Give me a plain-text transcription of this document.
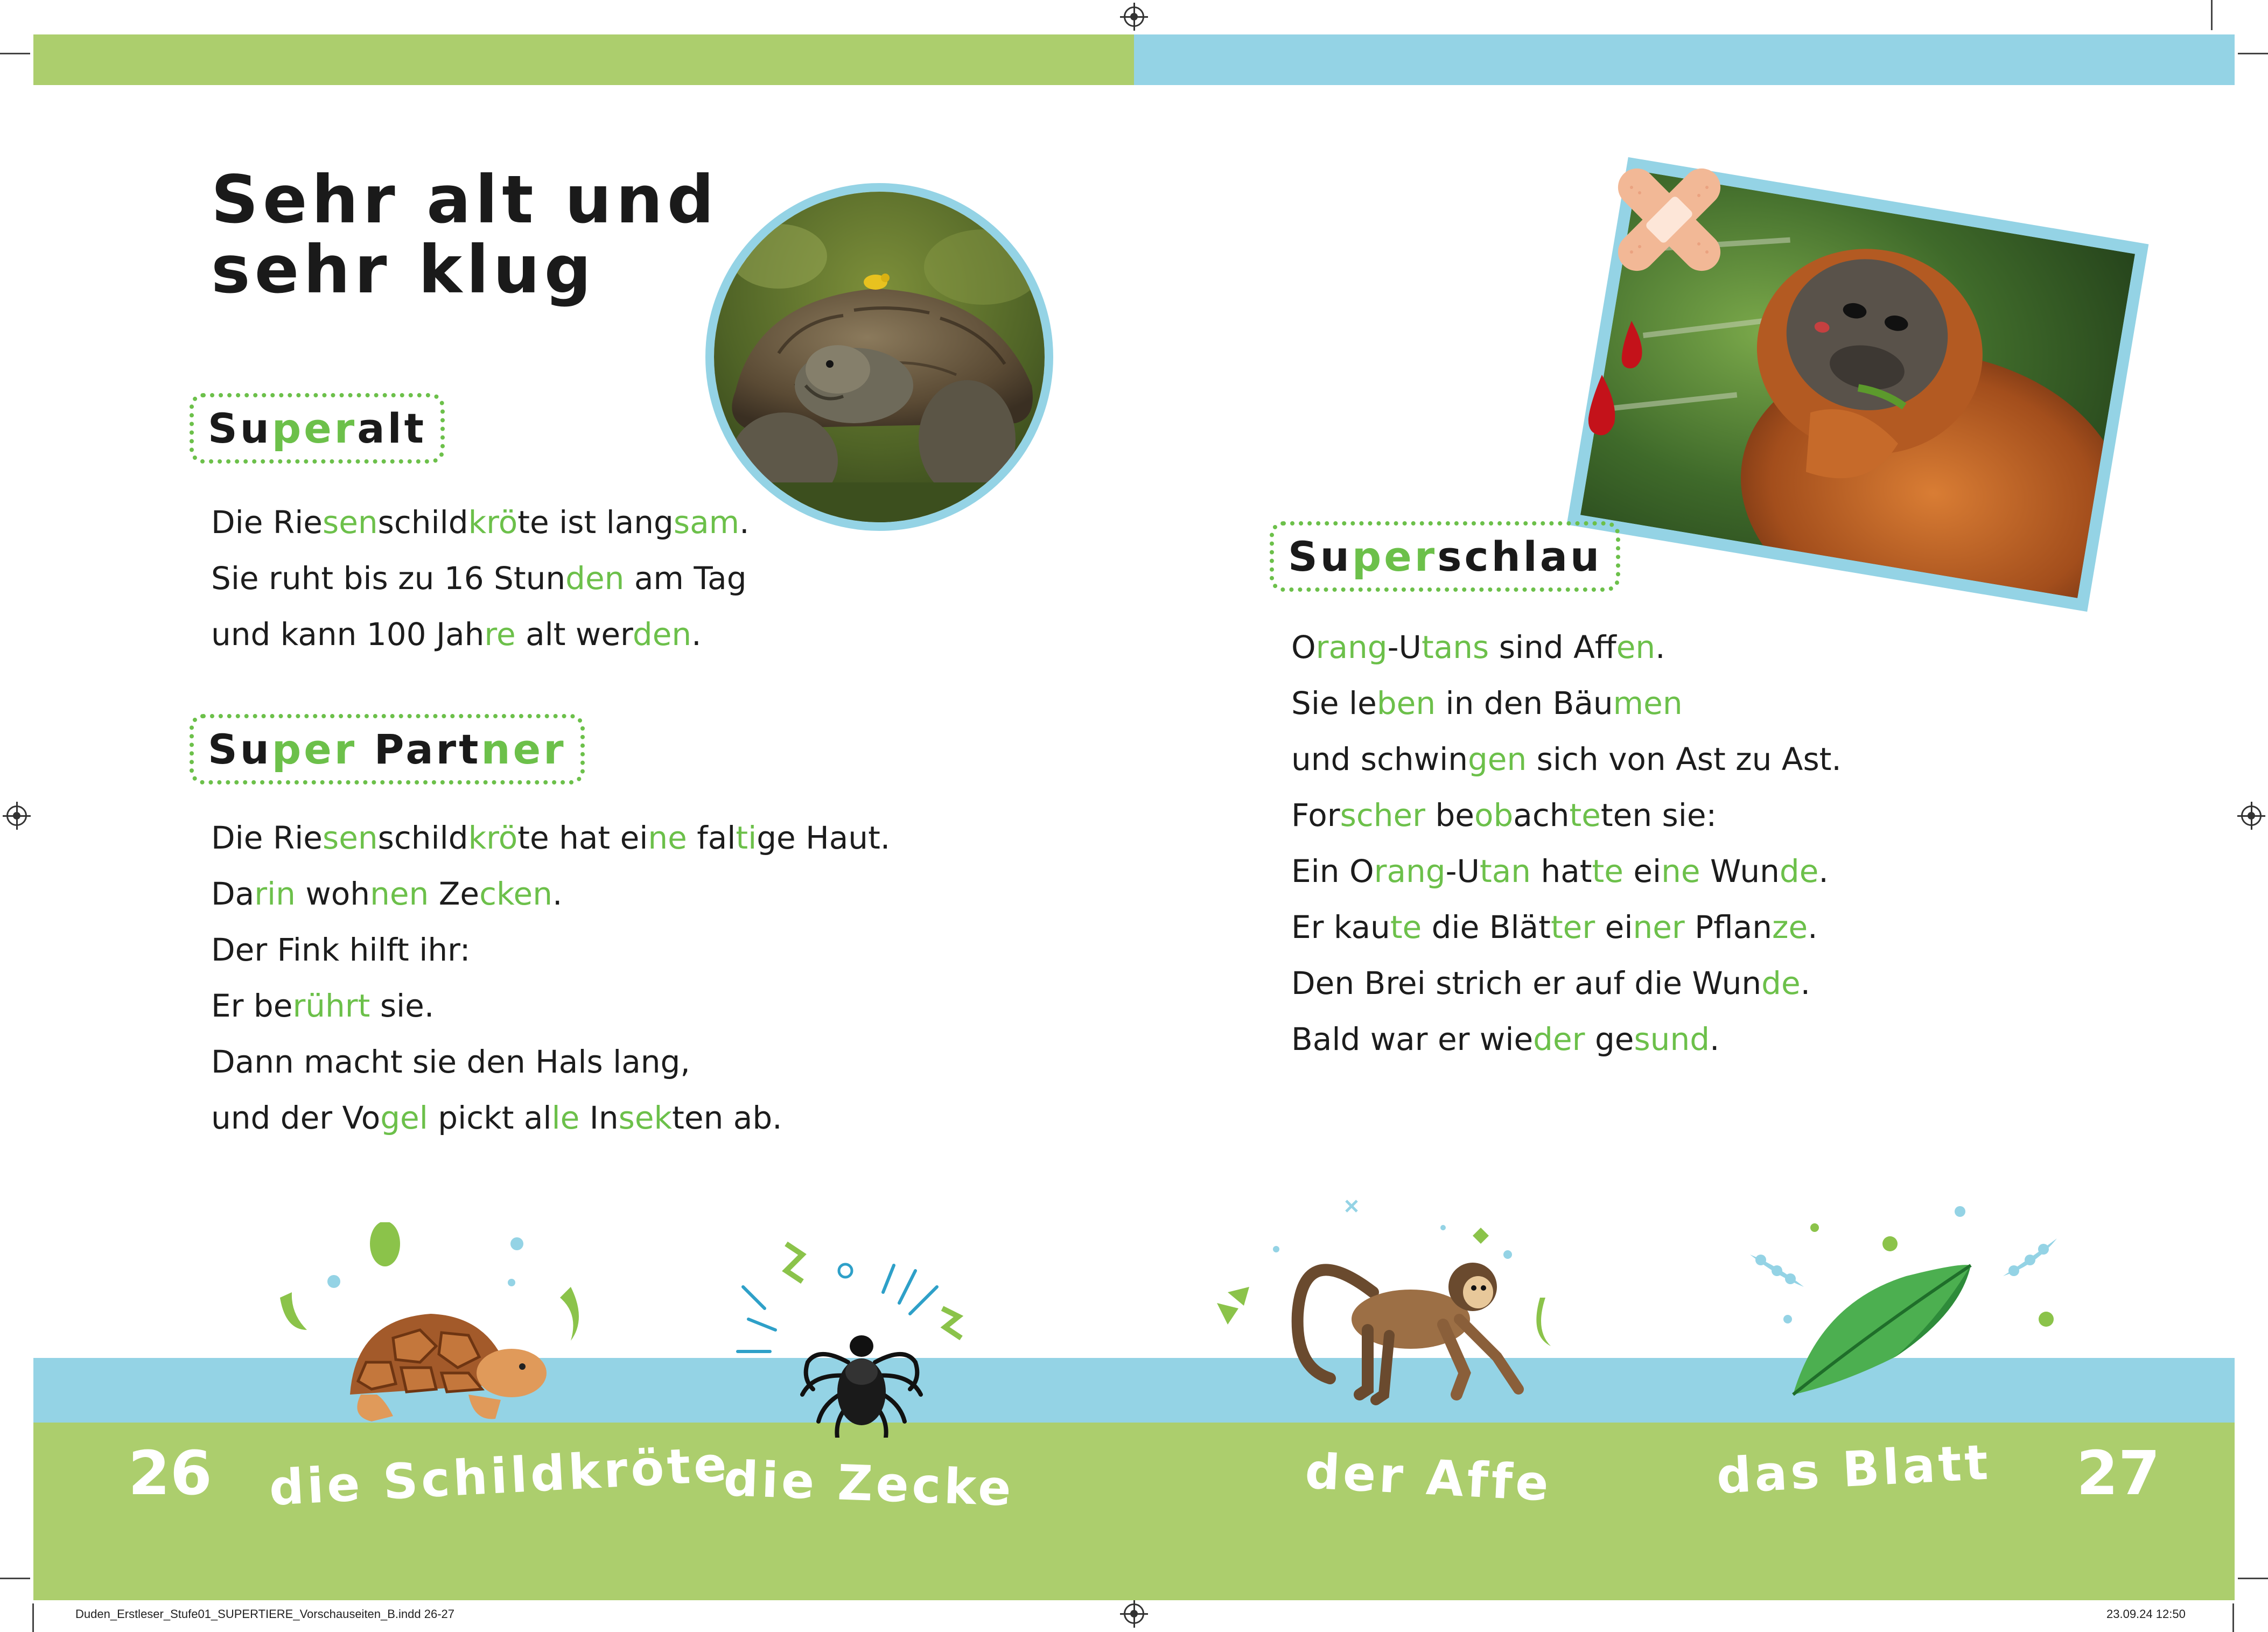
Sehr alt und
sehr klug
Superalt
Die Riesenschildkröte ist langsam.
Sie ruht bis zu 16 Stunden am Tag
und kann 100 Jahre alt werden.
Super Partner
Die Riesenschildkröte hat eine faltige Haut.
Darin wohnen Zecken.
Der Fink hilft ihr:
Er berührt sie.
Dann macht sie den Hals lang,
und der Vogel pickt alle Insekten ab.
Superschlau
Orang-Utans sind Affen.
Sie leben in den Bäumen
und schwingen sich von Ast zu Ast.
Forscher beobachteten sie:
Ein Orang-Utan hatte eine Wunde.
Er kaute die Blätter einer Pflanze.
Den Brei strich er auf die Wunde.
Bald war er wieder gesund.
26	27
die Schildkröte
die Zecke	der Affe	das Blatt
Duden_Erstleser_Stufe01_SUPERTIERE_Vorschauseiten_B.indd 26-27	23.09.24 12:50
